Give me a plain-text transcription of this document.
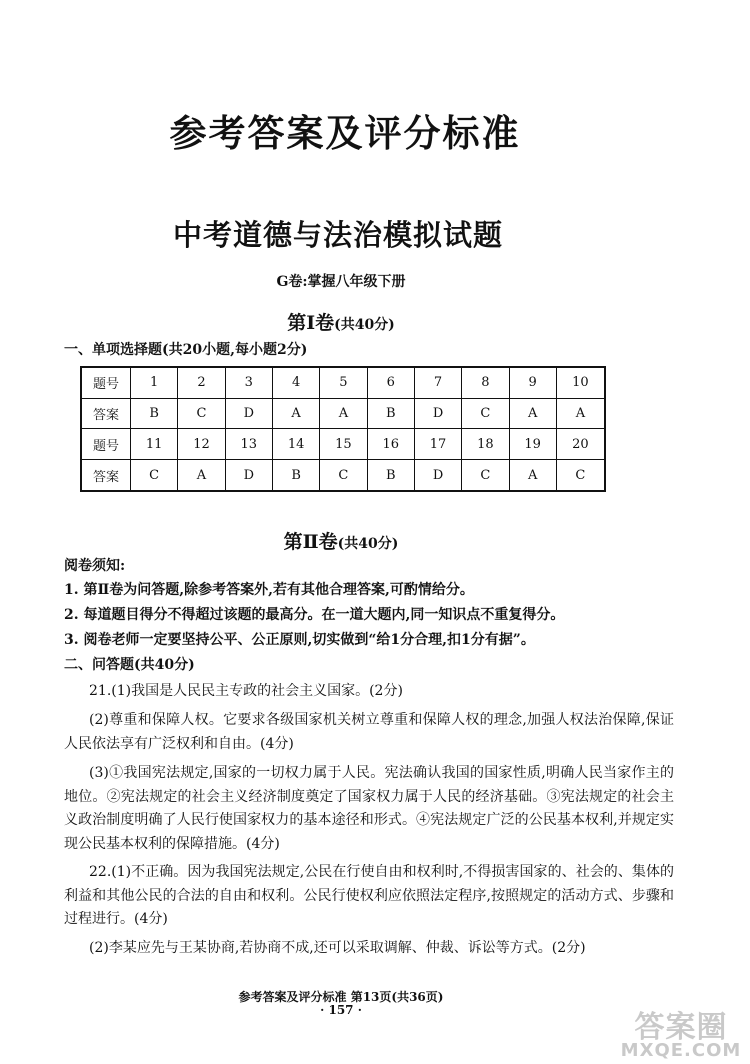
参考答案及评分标准
中考道德与法治模拟试题
G卷:掌握八年级下册
第Ⅰ卷(共40分)
一、单项选择题(共20小题,每小题2分)
题号	1	2	3	4	5	6	7	8	9	10
答案	B	C	D	A	A	B	D	C	A	A
题号	11	12	13	14	15	16	17	18	19	20
答案	C	A	D	B	C	B	D	C	A	C
第Ⅱ卷(共40分)

阅卷须知:

1. 第Ⅱ卷为问答题,除参考答案外,若有其他合理答案,可酌情给分。

2. 每道题目得分不得超过该题的最高分。在一道大题内,同一知识点不重复得分。

3. 阅卷老师一定要坚持公平、公正原则,切实做到“给1分合理,扣1分有据”。

二、问答题(共40分)

21.(1)我国是人民民主专政的社会主义国家。(2分)

(2)尊重和保障人权。它要求各级国家机关树立尊重和保障人权的理念,加强人权法治保障,保证人民依法享有广泛权利和自由。(4分)

(3)①我国宪法规定,国家的一切权力属于人民。宪法确认我国的国家性质,明确人民当家作主的地位。②宪法规定的社会主义经济制度奠定了国家权力属于人民的经济基础。③宪法规定的社会主义政治制度明确了人民行使国家权力的基本途径和形式。④宪法规定广泛的公民基本权利,并规定实现公民基本权利的保障措施。(4分)

22.(1)不正确。因为我国宪法规定,公民在行使自由和权利时,不得损害国家的、社会的、集体的利益和其他公民的合法的自由和权利。公民行使权利应依照法定程序,按照规定的活动方式、步骤和过程进行。(4分)

(2)李某应先与王某协商,若协商不成,还可以采取调解、仲裁、诉讼等方式。(2分)

参考答案及评分标准 第13页(共36页)
· 157 ·	答案圈
MXQE.COM
